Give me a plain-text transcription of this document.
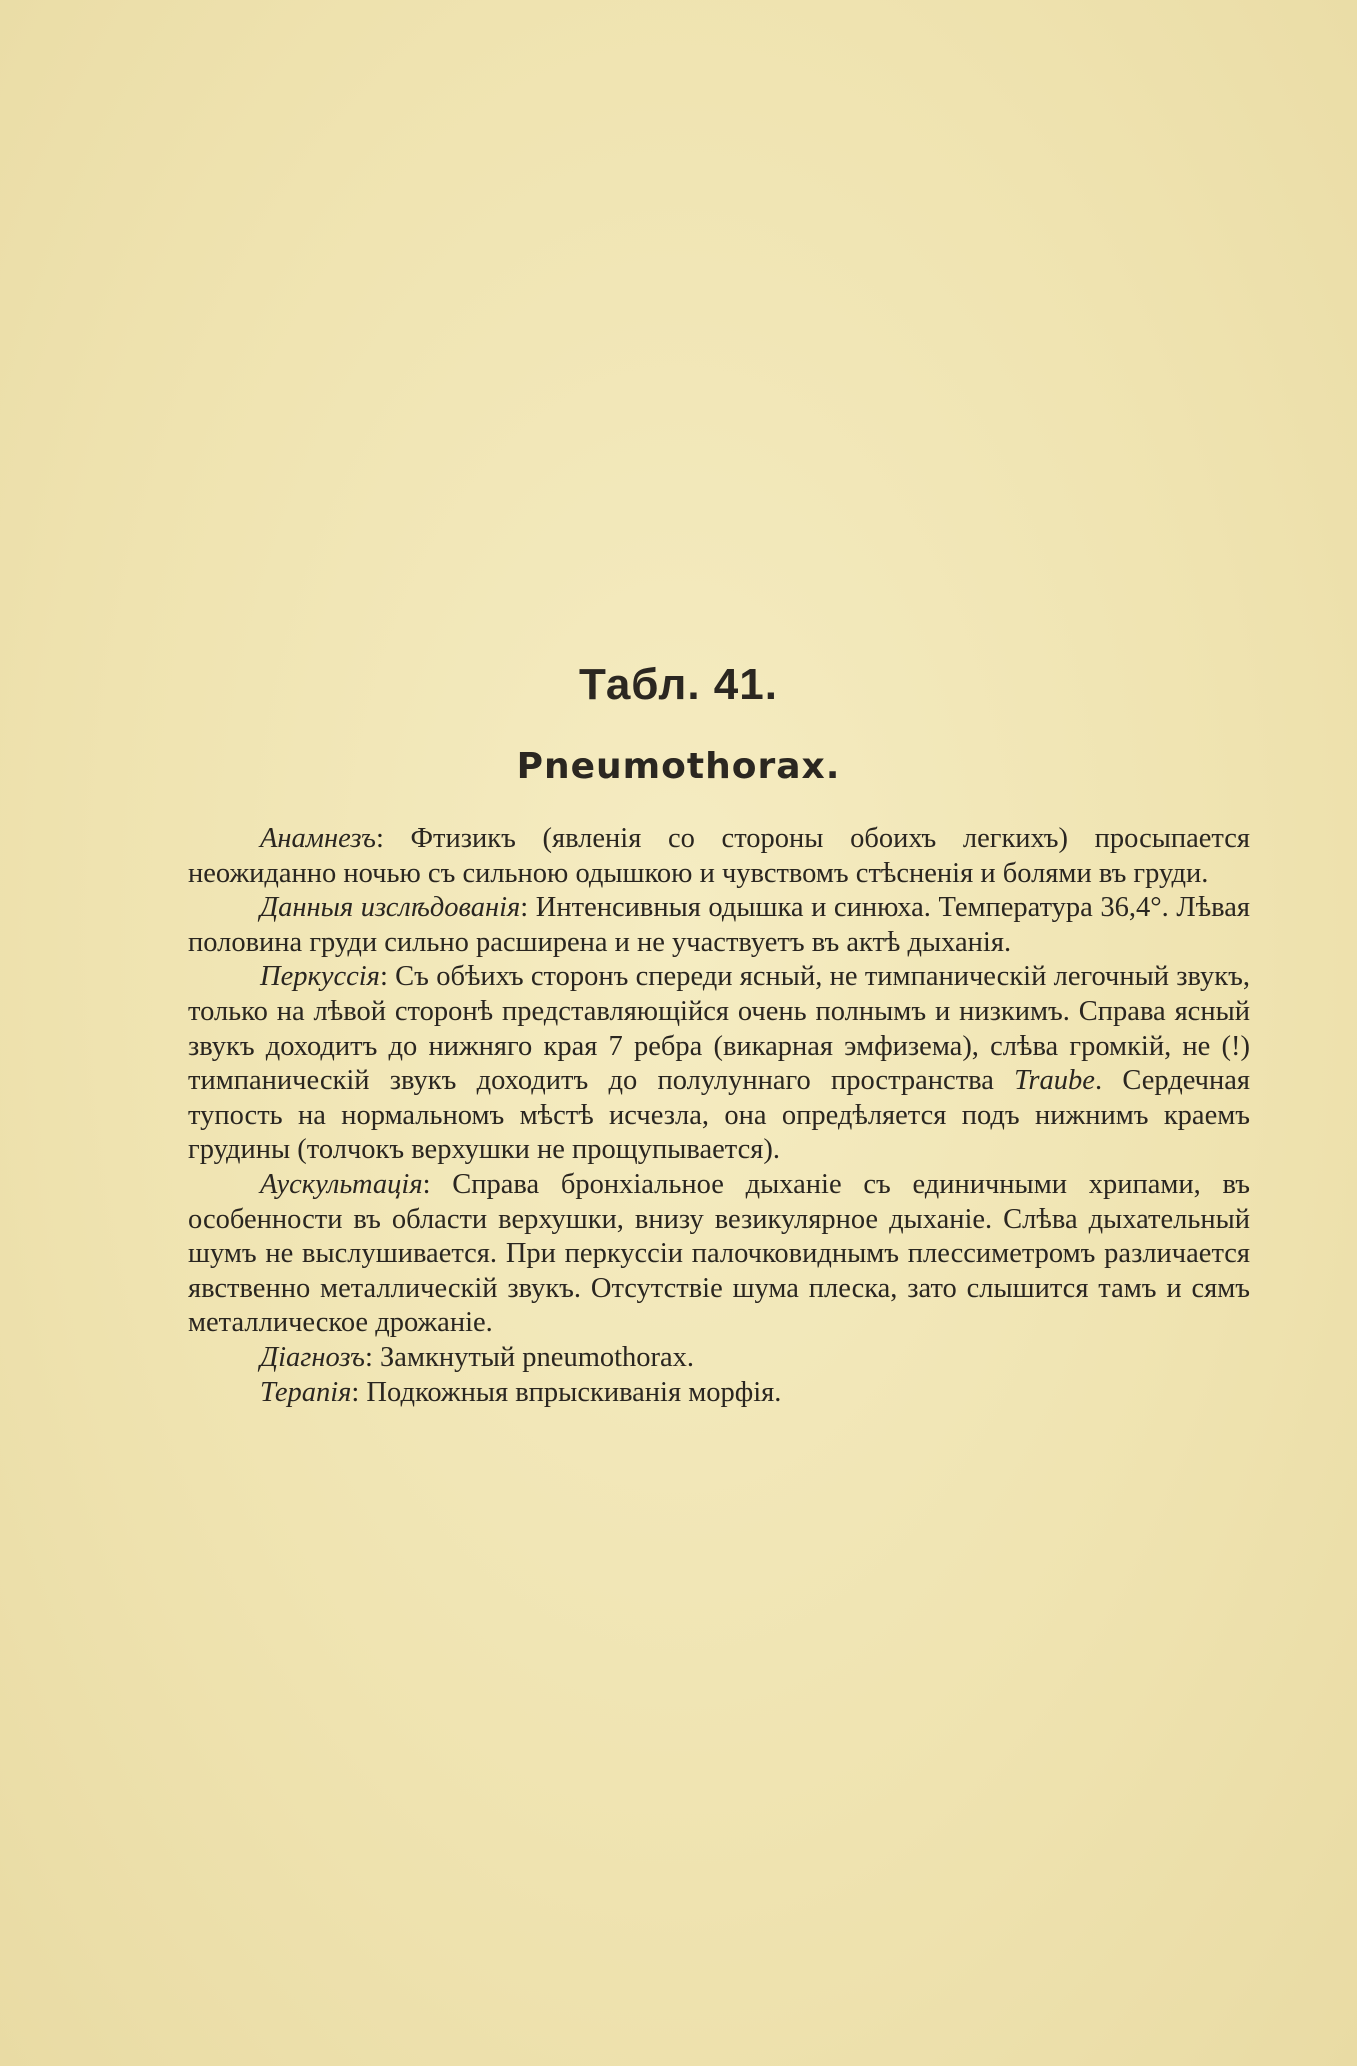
Табл. 41.
Pneumothorax.

Анамнезъ: Фтизикъ (явленія со стороны обоихъ легкихъ) просыпается неожиданно ночью съ сильною одышкою и чувствомъ стѣсненія и болями въ груди.

Данныя изслѣдованія: Интенсивныя одышка и синюха. Температура 36,4°. Лѣвая половина груди сильно расширена и не участвуетъ въ актѣ дыханія.

Перкуссія: Съ обѣихъ сторонъ спереди ясный, не тимпаническій легочный звукъ, только на лѣвой сторонѣ представляющійся очень полнымъ и низкимъ. Справа ясный звукъ доходитъ до нижняго края 7 ребра (викарная эмфизема), слѣва громкій, не (!) тимпаническій звукъ доходитъ до полулуннаго пространства Traube. Сердечная тупость на нормальномъ мѣстѣ исчезла, она опредѣляется подъ нижнимъ краемъ грудины (толчокъ верхушки не прощупывается).

Аускультація: Справа бронхіальное дыханіе съ единичными хрипами, въ особенности въ области верхушки, внизу везикулярное дыханіе. Слѣва дыхательный шумъ не выслушивается. При перкуссіи палочковиднымъ плессиметромъ различается явственно металлическій звукъ. Отсутствіе шума плеска, зато слышится тамъ и сямъ металлическое дрожаніе.

Діагнозъ: Замкнутый pneumothorax.

Терапія: Подкожныя впрыскиванія морфія.
